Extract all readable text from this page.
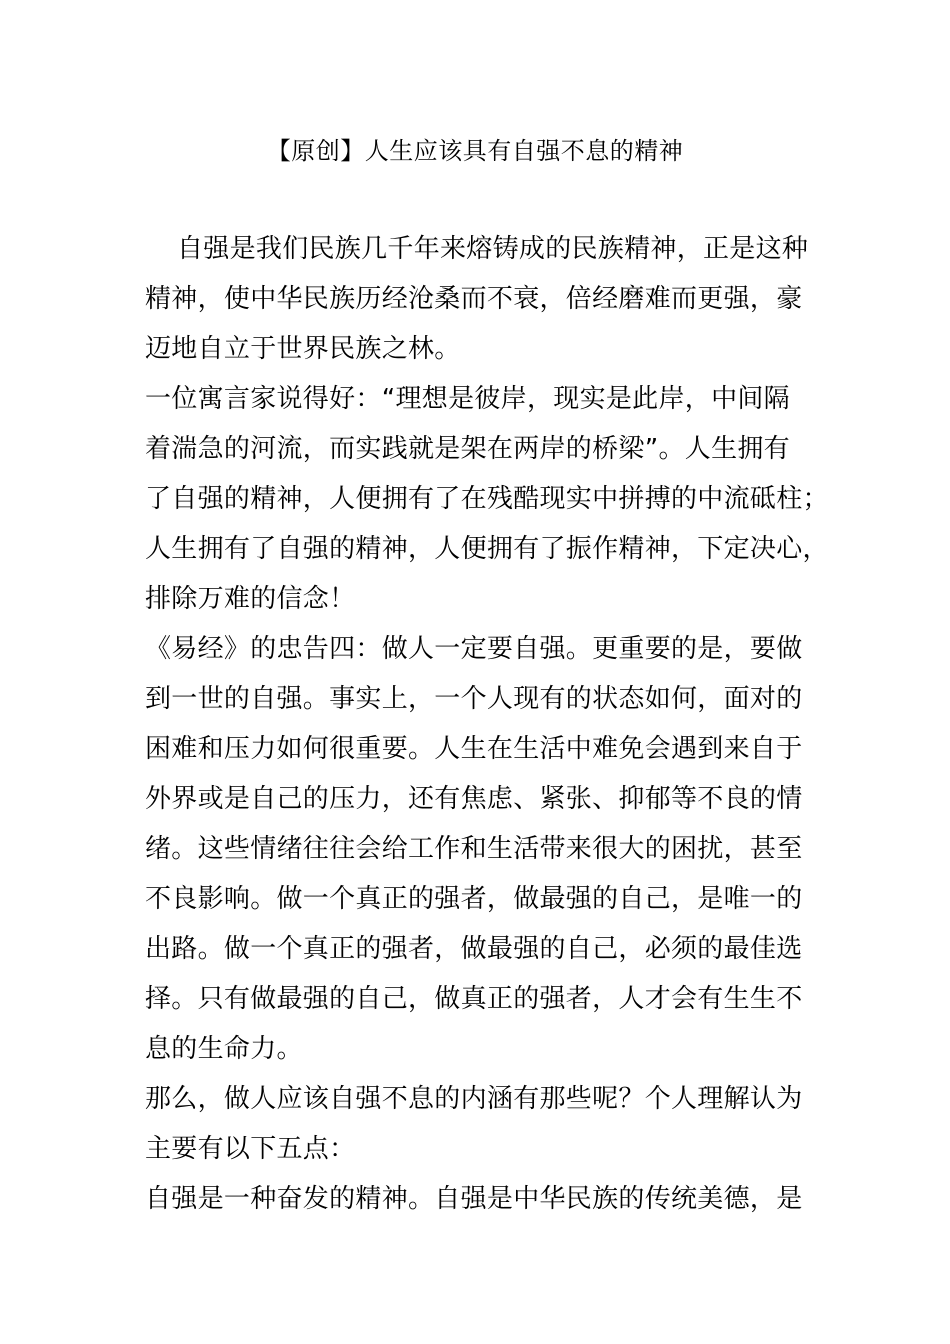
【原创】人生应该具有自强不息的精神
自强是我们民族几千年来熔铸成的民族精神，正是这种
精神，使中华民族历经沧桑而不衰，倍经磨难而更强，豪
迈地自立于世界民族之林。
一位寓言家说得好：“理想是彼岸，现实是此岸，中间隔
着湍急的河流，而实践就是架在两岸的桥梁”。人生拥有
了自强的精神，人便拥有了在残酷现实中拼搏的中流砥柱；
人生拥有了自强的精神，人便拥有了振作精神，下定决心，
排除万难的信念！
《易经》的忠告四：做人一定要自强。更重要的是，要做
到一世的自强。事实上，一个人现有的状态如何，面对的
困难和压力如何很重要。人生在生活中难免会遇到来自于
外界或是自己的压力，还有焦虑、紧张、抑郁等不良的情
绪。这些情绪往往会给工作和生活带来很大的困扰，甚至
不良影响。做一个真正的强者，做最强的自己，是唯一的
出路。做一个真正的强者，做最强的自己，必须的最佳选
择。只有做最强的自己，做真正的强者，人才会有生生不
息的生命力。
那么，做人应该自强不息的内涵有那些呢？个人理解认为
主要有以下五点：
自强是一种奋发的精神。自强是中华民族的传统美德，是
